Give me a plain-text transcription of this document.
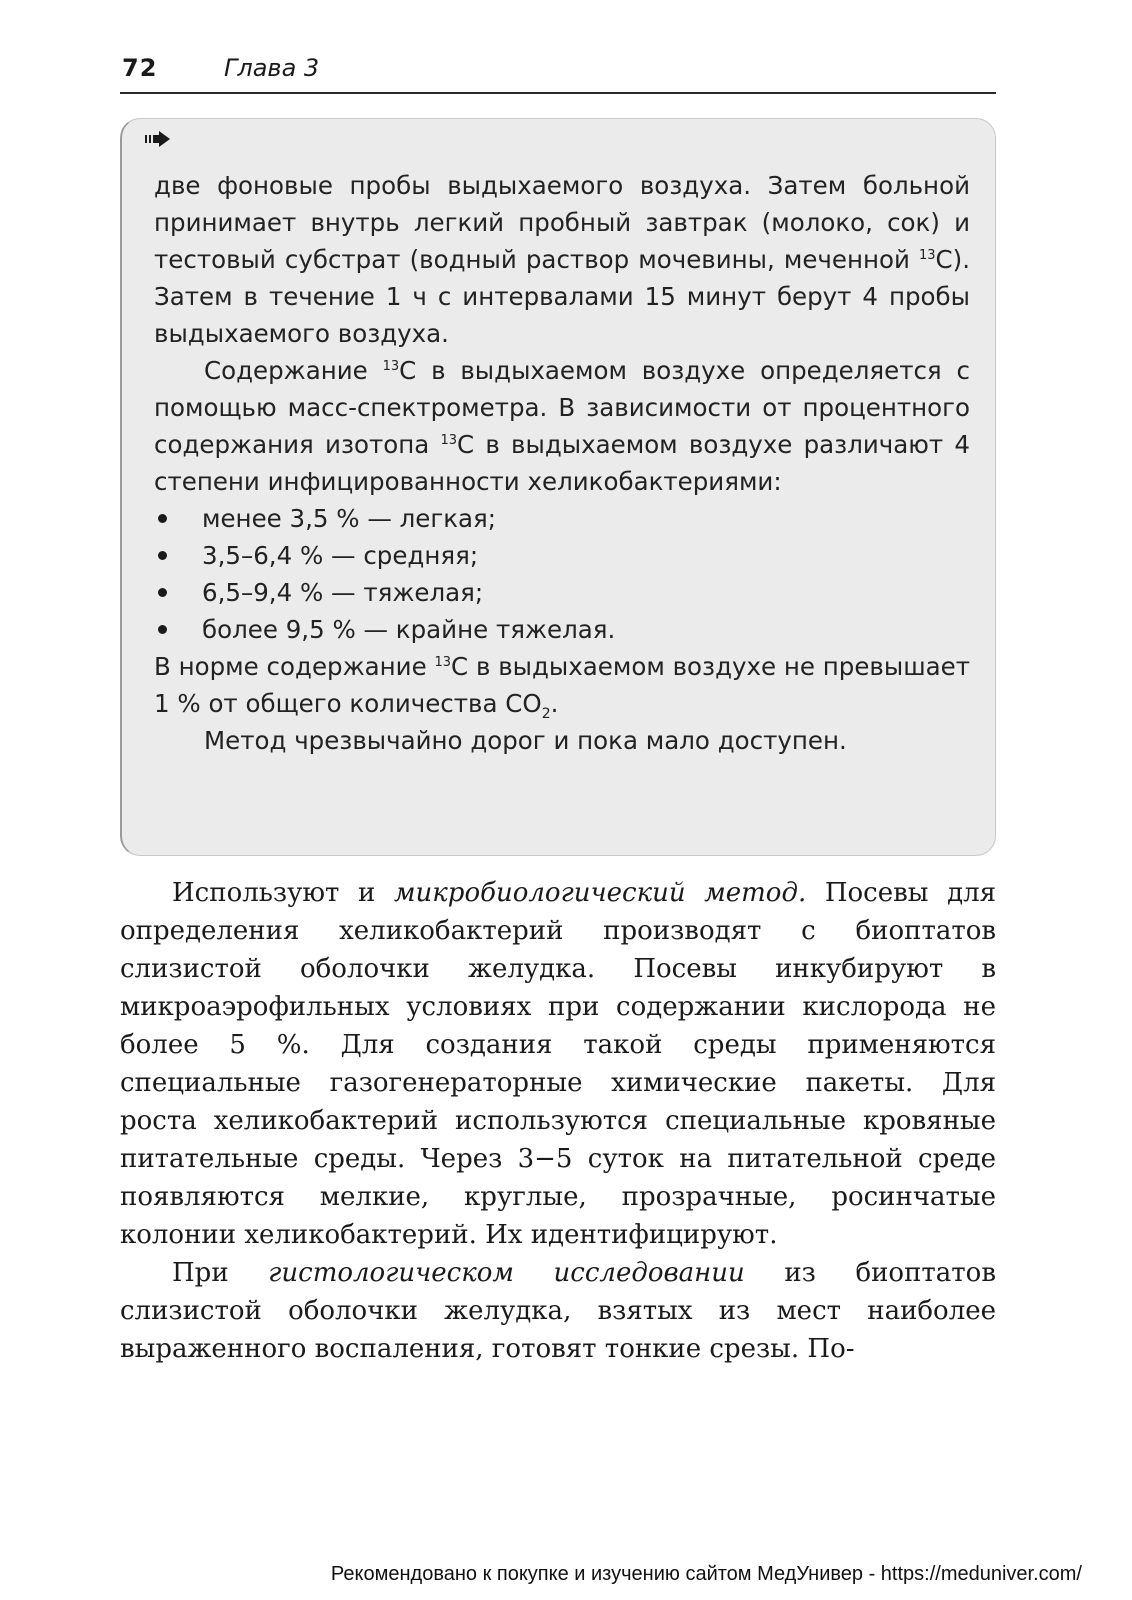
72	Глава 3

две фоновые пробы выдыхаемого воздуха. Затем больной принимает внутрь легкий пробный завтрак (молоко, сок) и тестовый субстрат (водный раствор мочевины, меченной $^{13}$С). Затем в течение 1 ч с интервалами 15 минут берут 4 пробы выдыхаемого воздуха.

Содержание $^{13}$С в выдыхаемом воздухе определяется с помощью масс-спектрометра. В зависимости от процентного содержания изотопа $^{13}$С в выдыхаемом воздухе различают 4 степени инфицированности хеликобактериями:

менее 3,5 % — легкая;
3,5–6,4 % — средняя;
6,5–9,4 % — тяжелая;
более 9,5 % — крайне тяжелая.

В норме содержание $^{13}$С в выдыхаемом воздухе не превышает 1 % от общего количества $СО_2$.

Метод чрезвычайно дорог и пока мало доступен.

Используют и микробиологический метод. Посевы для определения хеликобактерий производят с биоптатов слизистой оболочки желудка. Посевы инкубируют в микроаэрофильных условиях при содержании кислорода не более 5 %. Для создания такой среды применяются специальные газогенераторные химические пакеты. Для роста хеликобактерий используются специальные кровяные питательные среды. Через 3−5 суток на питательной среде появляются мелкие, круглые, прозрачные, росинчатые колонии хеликобактерий. Их идентифицируют.

При гистологическом исследовании из биоптатов слизистой оболочки желудка, взятых из мест наиболее выраженного воспаления, готовят тонкие срезы. По-

Рекомендовано к покупке и изучению сайтом МедУнивер - https://meduniver.com/
